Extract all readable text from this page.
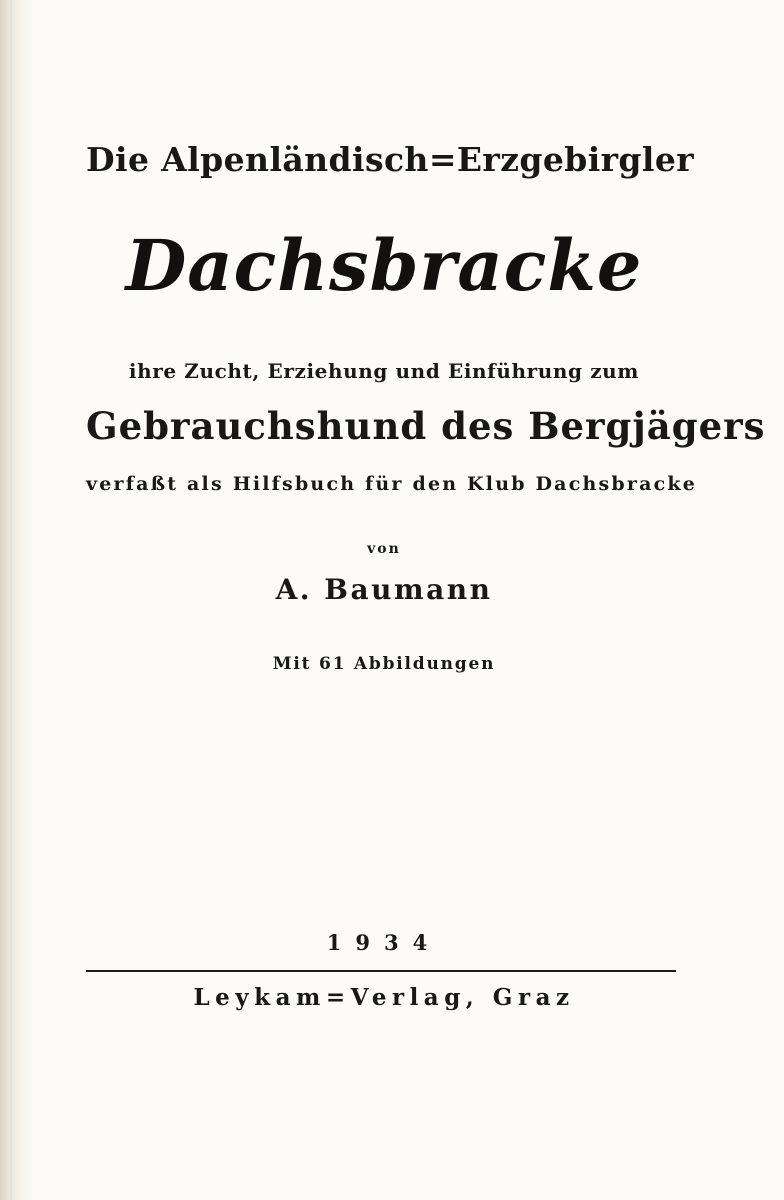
Die Alpenländisch=Erzgebirgler
Dachsbracke
ihre Zucht, Erziehung und Einführung zum
Gebrauchshund des Bergjägers
verfaßt als Hilfsbuch für den Klub Dachsbracke
von
A. Baumann
Mit 61 Abbildungen
1934
Leykam=Verlag, Graz
